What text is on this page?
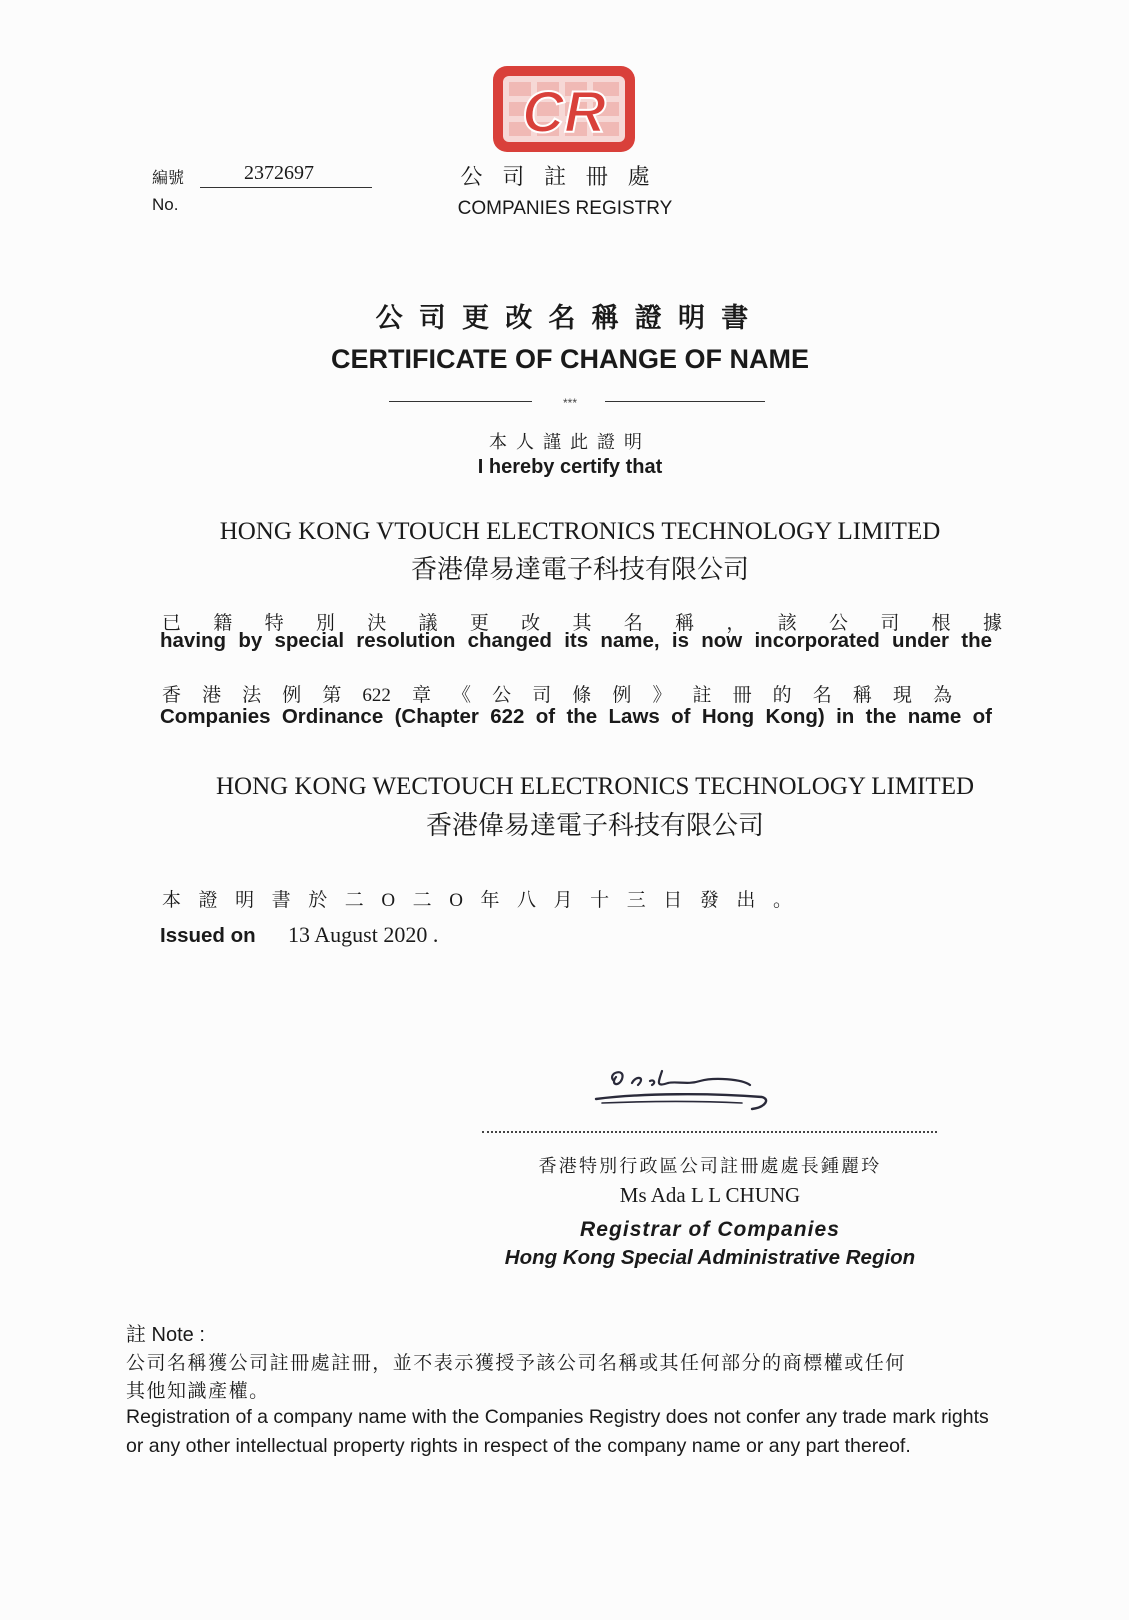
CR
公司註冊處
COMPANIES REGISTRY
編號
No.
2372697
公司更改名稱證明書
CERTIFICATE OF CHANGE OF NAME
***
本人謹此證明
I hereby certify that
HONG KONG VTOUCH ELECTRONICS TECHNOLOGY LIMITED
香港偉易達電子科技有限公司
已籍特別決議更改其名稱，該公司根據
having by special resolution changed its name, is now incorporated under the
香港法例第622章《公司條例》註冊的名稱現為
Companies Ordinance (Chapter 622 of the Laws of Hong Kong) in the name of
HONG KONG WECTOUCH ELECTRONICS TECHNOLOGY LIMITED
香港偉易達電子科技有限公司
本證明書於二O二O年八月十三日發出。
Issued on 13 August 2020 .
香港特別行政區公司註冊處處長鍾麗玲
Ms Ada L L CHUNG
Registrar of Companies
Hong Kong Special Administrative Region
註 Note :
公司名稱獲公司註冊處註冊，並不表示獲授予該公司名稱或其任何部分的商標權或任何
其他知識產權。
Registration of a company name with the Companies Registry does not confer any trade mark rights
or any other intellectual property rights in respect of the company name or any part thereof.
